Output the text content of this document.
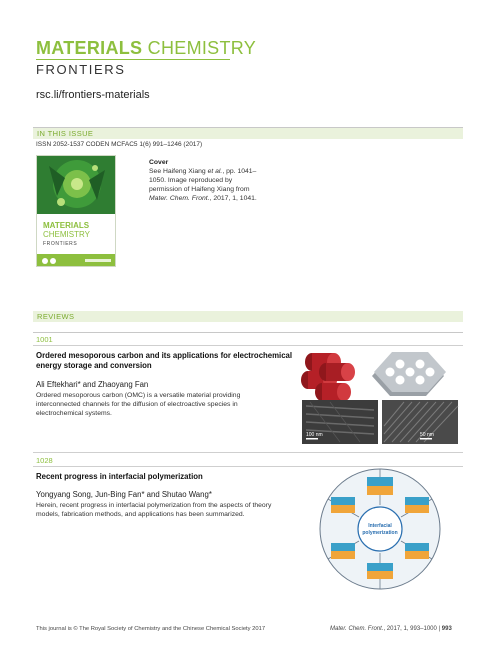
MATERIALS CHEMISTRY
FRONTIERS
rsc.li/frontiers-materials
IN THIS ISSUE
ISSN 2052-1537 CODEN MCFAC5 1(6) 991–1246 (2017)
MATERIALS
CHEMISTRY
FRONTIERS
Cover
See Haifeng Xiang et al., pp. 1041–1050. Image reproduced by permission of Haifeng Xiang from Mater. Chem. Front., 2017, 1, 1041.
REVIEWS
1001
Ordered mesoporous carbon and its applications for electrochemical energy storage and conversion
Ali Eftekhari* and Zhaoyang Fan
Ordered mesoporous carbon (OMC) is a versatile material providing interconnected channels for the diffusion of electroactive species in electrochemical systems.
100 nm	50 nm
1028
Recent progress in interfacial polymerization
Yongyang Song, Jun-Bing Fan* and Shutao Wang*
Herein, recent progress in interfacial polymerization from the aspects of theory models, fabrication methods, and applications has been summarized.
Interfacial
polymerization
This journal is © The Royal Society of Chemistry and the Chinese Chemical Society 2017	Mater. Chem. Front., 2017, 1, 993–1000 | 993
